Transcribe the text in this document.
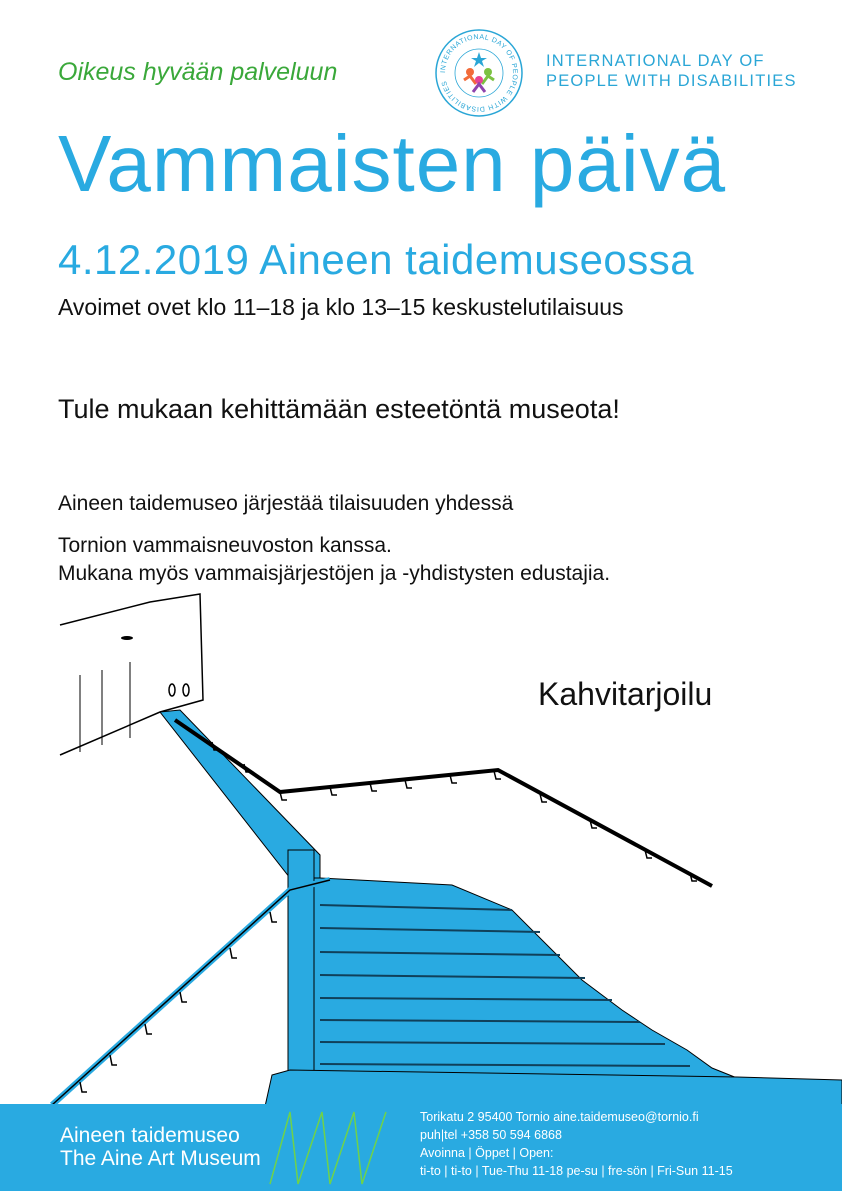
Oikeus hyvään palveluun	INTERNATIONAL DAY OF PEOPLE WITH DISABILITIES
INTERNATIONAL DAY OF
PEOPLE WITH DISABILITIES
Vammaisten päivä
4.12.2019 Aineen taidemuseossa
Avoimet ovet klo 11–18 ja klo 13–15 keskustelutilaisuus
Tule mukaan kehittämään esteetöntä museota!
Aineen taidemuseo järjestää tilaisuuden yhdessä
Tornion vammaisneuvoston kanssa.
Mukana myös vammaisjärjestöjen ja -yhdistysten edustajia.
Kahvitarjoilu
Aineen taidemuseo
The Aine Art Museum
Torikatu 2 95400 Tornio aine.taidemuseo@tornio.fi
puh|tel +358 50 594 6868
Avoinna | Öppet | Open:
ti-to | ti-to | Tue-Thu 11-18 pe-su | fre-sön | Fri-Sun 11-15
